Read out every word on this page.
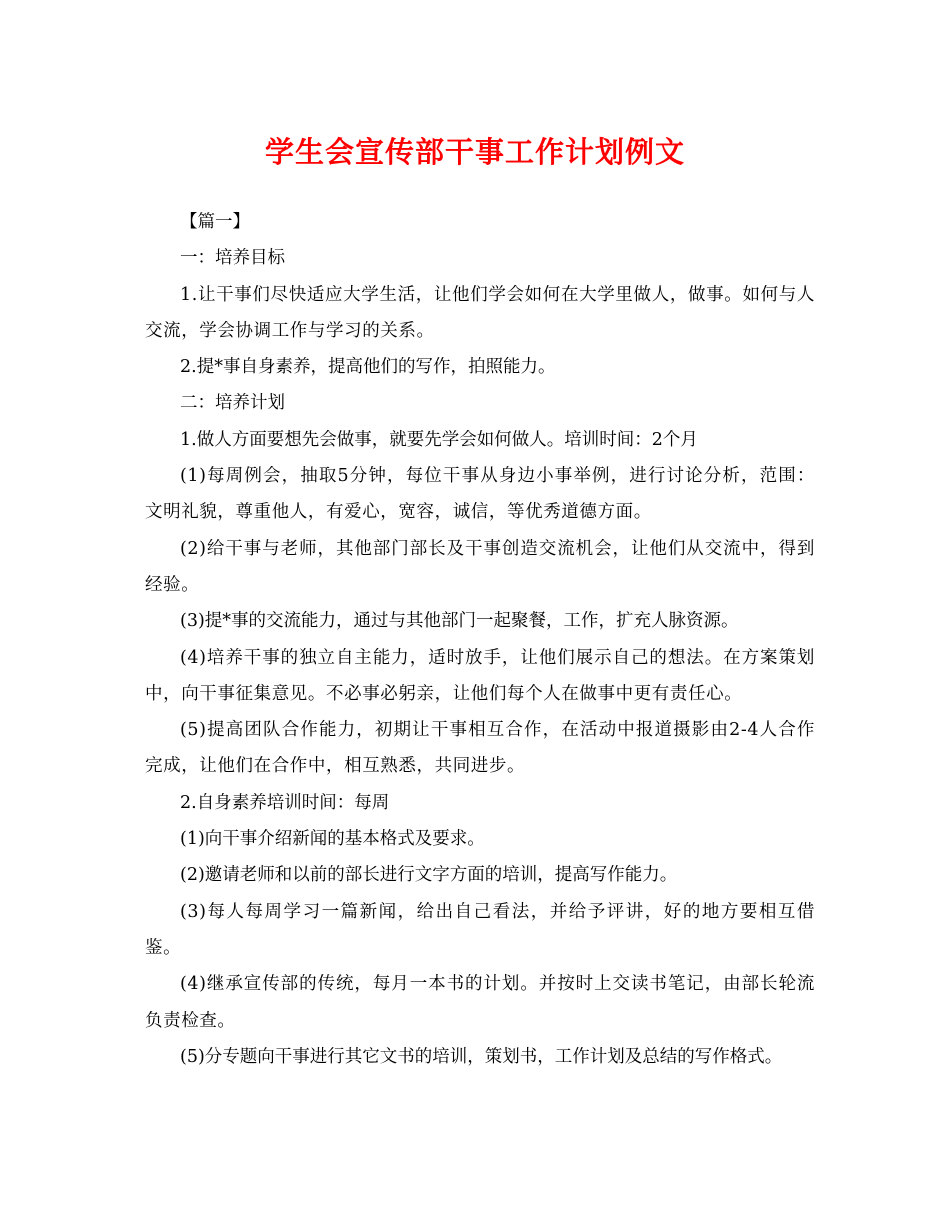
学生会宣传部干事工作计划例文

【篇一】

一：培养目标

1.让干事们尽快适应大学生活，让他们学会如何在大学里做人，做事。如何与人交流，学会协调工作与学习的关系。

2.提*事自身素养，提高他们的写作，拍照能力。

二：培养计划

1.做人方面要想先会做事，就要先学会如何做人。培训时间：2个月

(1)每周例会，抽取5分钟，每位干事从身边小事举例，进行讨论分析，范围：文明礼貌，尊重他人，有爱心，宽容，诚信，等优秀道德方面。

(2)给干事与老师，其他部门部长及干事创造交流机会，让他们从交流中，得到经验。

(3)提*事的交流能力，通过与其他部门一起聚餐，工作，扩充人脉资源。

(4)培养干事的独立自主能力，适时放手，让他们展示自己的想法。在方案策划中，向干事征集意见。不必事必躬亲，让他们每个人在做事中更有责任心。

(5)提高团队合作能力，初期让干事相互合作，在活动中报道摄影由2-4人合作完成，让他们在合作中，相互熟悉，共同进步。

2.自身素养培训时间：每周

(1)向干事介绍新闻的基本格式及要求。

(2)邀请老师和以前的部长进行文字方面的培训，提高写作能力。

(3)每人每周学习一篇新闻，给出自己看法，并给予评讲，好的地方要相互借鉴。

(4)继承宣传部的传统，每月一本书的计划。并按时上交读书笔记，由部长轮流负责检查。

(5)分专题向干事进行其它文书的培训，策划书，工作计划及总结的写作格式。
